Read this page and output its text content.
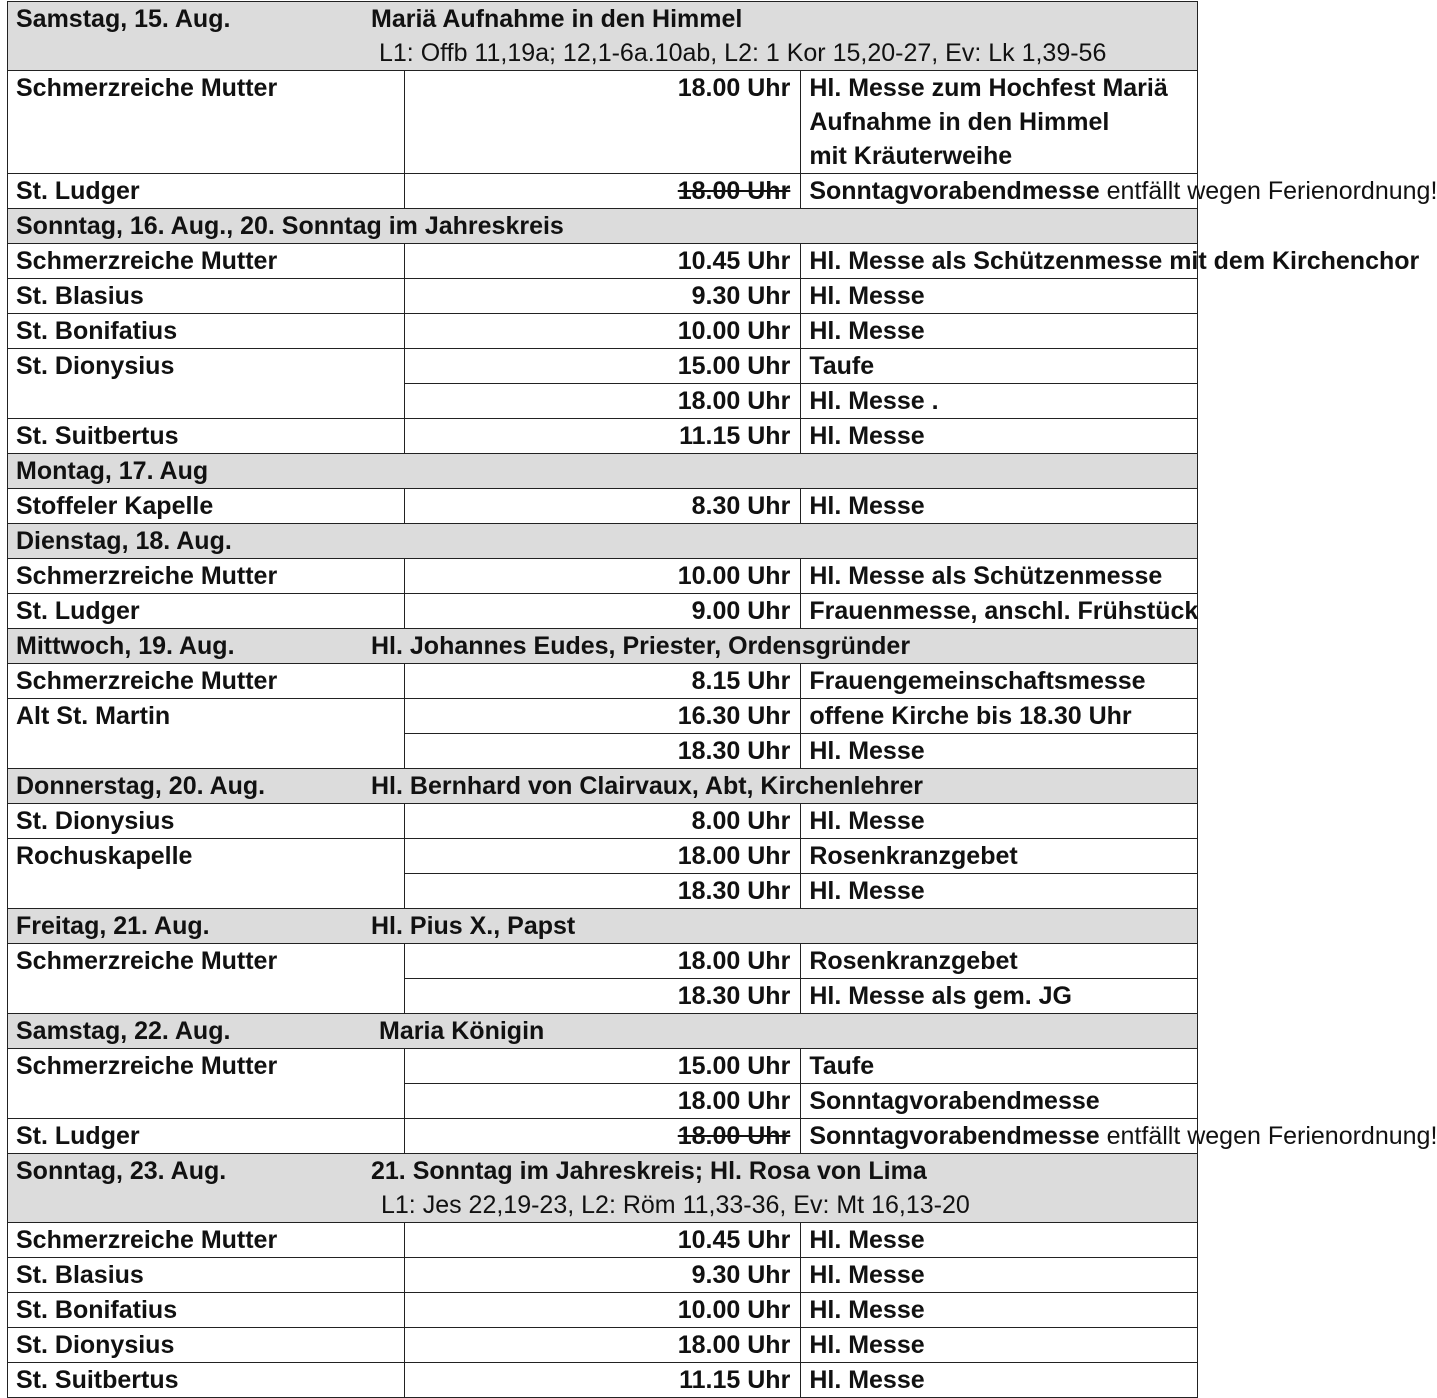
Samstag, 15. Aug. Mariä Aufnahme in den Himmel
L1: Offb 11,19a; 12,1-6a.10ab, L2: 1 Kor 15,20-27, Ev: Lk 1,39-56		

Schmerzreiche Mutter	18.00 Uhr	Hl. Messe zum Hochfest Mariä Aufnahme in den Himmel
mit Kräuterweihe
St. Ludger	18.00 Uhr	Sonntagvorabendmesse entfällt wegen Ferienordnung!
Sonntag, 16. Aug., 20. Sonntag im Jahreskreis		
Schmerzreiche Mutter	10.45 Uhr	Hl. Messe als Schützenmesse mit dem Kirchenchor
St. Blasius	9.30 Uhr	Hl. Messe
St. Bonifatius	10.00 Uhr	Hl. Messe
St. Dionysius	15.00 Uhr	Taufe
	18.00 Uhr	Hl. Messe .
St. Suitbertus	11.15 Uhr	Hl. Messe
Montag, 17. Aug		
Stoffeler Kapelle	8.30 Uhr	Hl. Messe
Dienstag, 18. Aug.		
Schmerzreiche Mutter	10.00 Uhr	Hl. Messe als Schützenmesse
St. Ludger	9.00 Uhr	Frauenmesse, anschl. Frühstück
Mittwoch, 19. Aug. Hl. Johannes Eudes, Priester, Ordensgründer		
Schmerzreiche Mutter	8.15 Uhr	Frauengemeinschaftsmesse
Alt St. Martin	16.30 Uhr	offene Kirche bis 18.30 Uhr
	18.30 Uhr	Hl. Messe
Donnerstag, 20. Aug. Hl. Bernhard von Clairvaux, Abt, Kirchenlehrer		
St. Dionysius	8.00 Uhr	Hl. Messe
Rochuskapelle	18.00 Uhr	Rosenkranzgebet
	18.30 Uhr	Hl. Messe
Freitag, 21. Aug. Hl. Pius X., Papst		
Schmerzreiche Mutter	18.00 Uhr	Rosenkranzgebet
	18.30 Uhr	Hl. Messe als gem. JG
Samstag, 22. Aug. Maria Königin		
Schmerzreiche Mutter	15.00 Uhr	Taufe
	18.00 Uhr	Sonntagvorabendmesse
St. Ludger	18.00 Uhr	Sonntagvorabendmesse entfällt wegen Ferienordnung!
Sonntag, 23. Aug. 21. Sonntag im Jahreskreis; Hl. Rosa von Lima
L1: Jes 22,19-23, L2: Röm 11,33-36, Ev: Mt 16,13-20		

Schmerzreiche Mutter	10.45 Uhr	Hl. Messe
St. Blasius	9.30 Uhr	Hl. Messe
St. Bonifatius	10.00 Uhr	Hl. Messe
St. Dionysius	18.00 Uhr	Hl. Messe
St. Suitbertus	11.15 Uhr	Hl. Messe
